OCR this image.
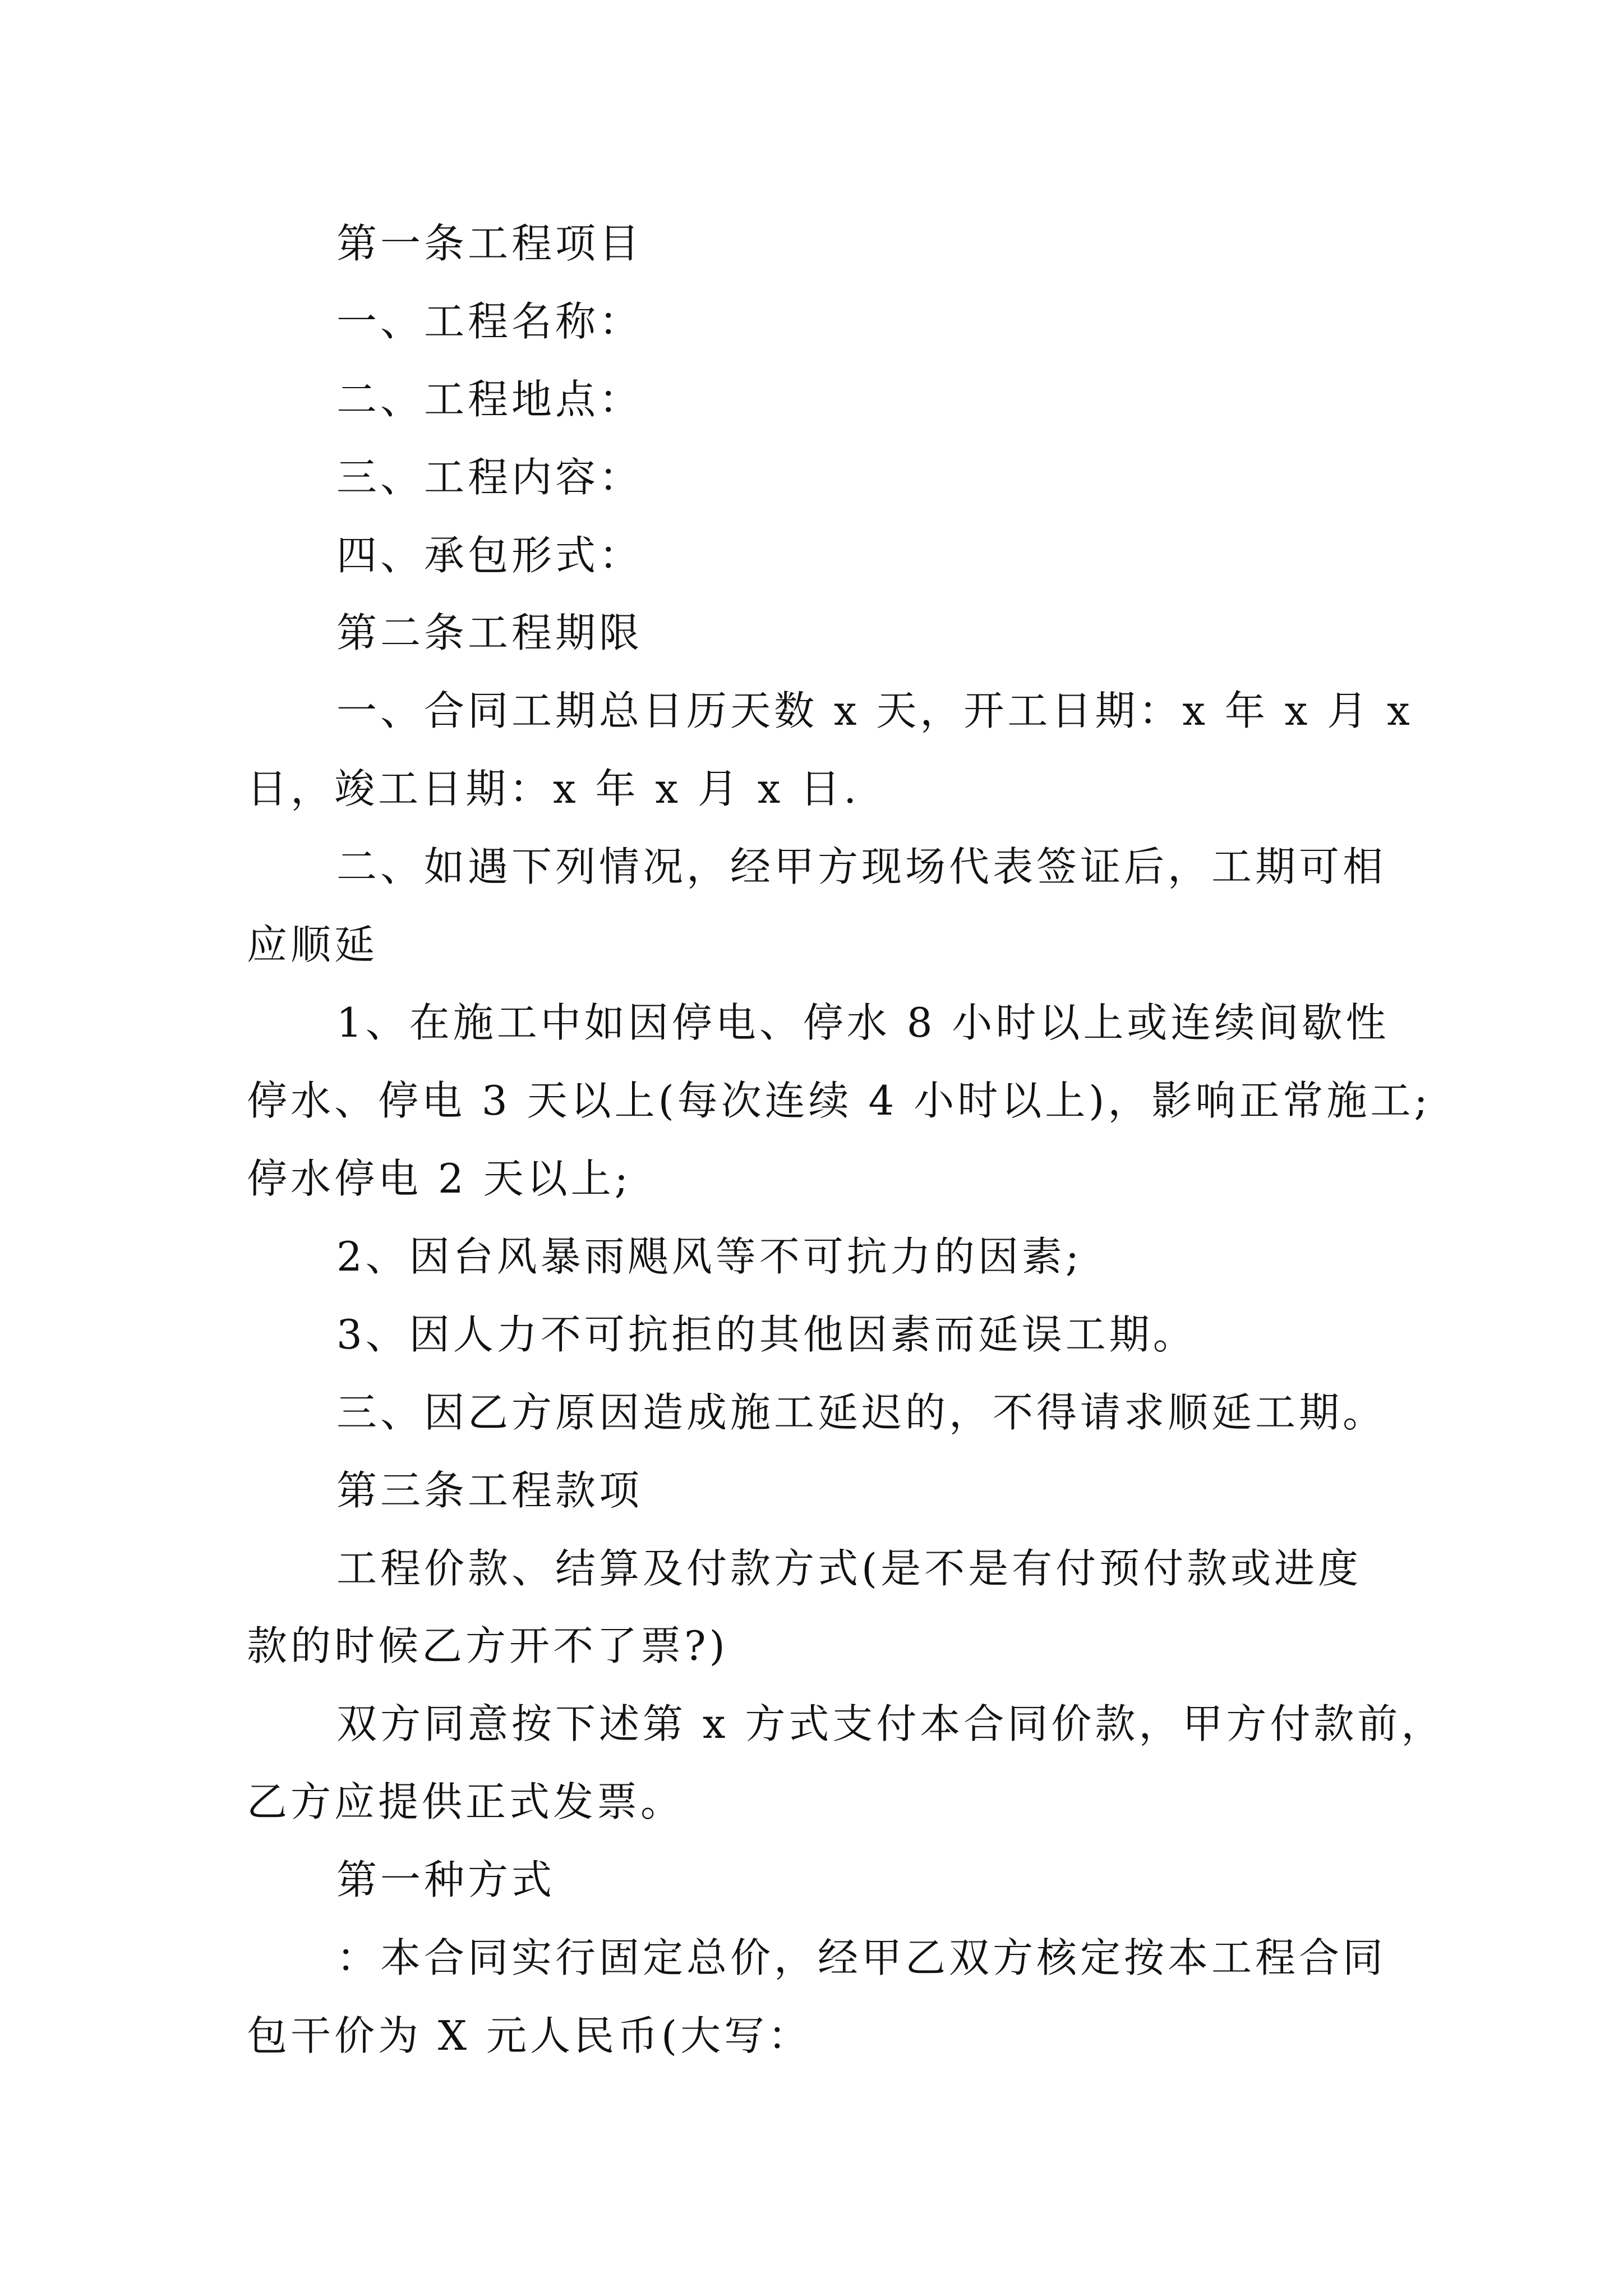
第一条工程项目
一、工程名称：
二、工程地点：
三、工程内容：
四、承包形式：
第二条工程期限
一、合同工期总日历天数 x 天，开工日期：x 年 x 月 x
日，竣工日期：x 年 x 月 x 日.
二、如遇下列情况，经甲方现场代表签证后，工期可相
应顺延
1、在施工中如因停电、停水 8 小时以上或连续间歇性
停水、停电 3 天以上(每次连续 4 小时以上)，影响正常施工;
停水停电 2 天以上;
2、因台风暴雨飓风等不可抗力的因素;
3、因人力不可抗拒的其他因素而延误工期。
三、因乙方原因造成施工延迟的，不得请求顺延工期。
第三条工程款项
工程价款、结算及付款方式(是不是有付预付款或进度
款的时候乙方开不了票?)
双方同意按下述第 x 方式支付本合同价款，甲方付款前，
乙方应提供正式发票。
第一种方式
：本合同实行固定总价，经甲乙双方核定按本工程合同
包干价为 X 元人民币(大写：
